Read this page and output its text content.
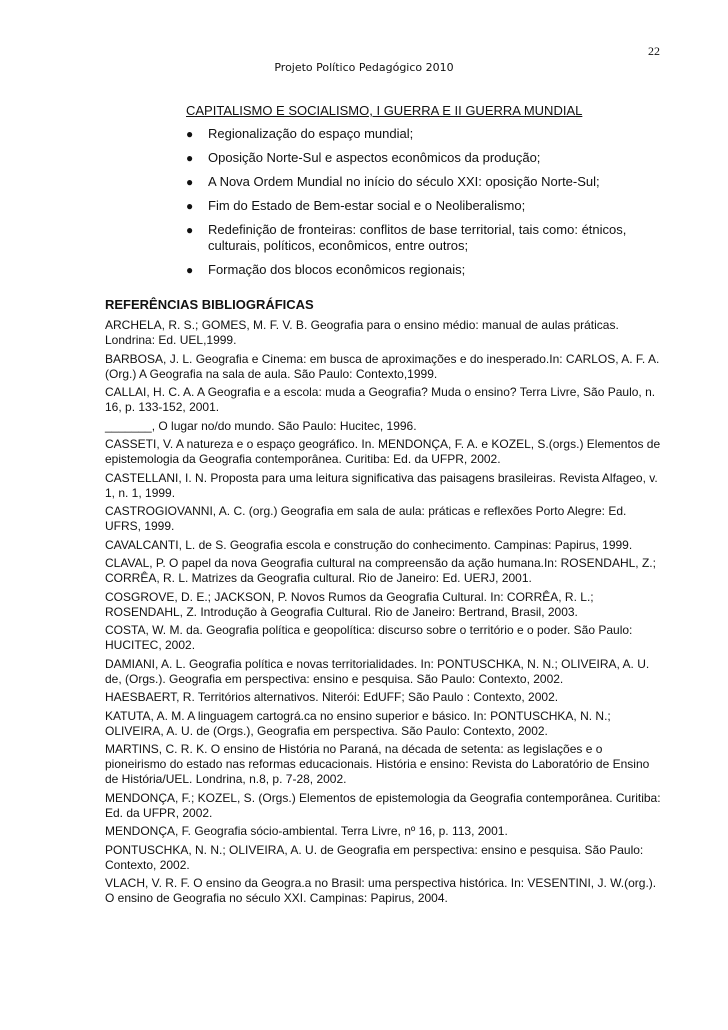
22
Projeto Político Pedagógico 2010
CAPITALISMO E SOCIALISMO, I GUERRA E II GUERRA MUNDIAL
● Regionalização do espaço mundial;
● Oposição Norte-Sul e aspectos econômicos da produção;
● A Nova Ordem Mundial no início do século XXI: oposição Norte-Sul;
● Fim do Estado de Bem-estar social e o Neoliberalismo;
● Redefinição de fronteiras: conflitos de base territorial, tais como: étnicos, culturais, políticos, econômicos, entre outros;
● Formação dos blocos econômicos regionais;
REFERÊNCIAS BIBLIOGRÁFICAS
ARCHELA, R. S.; GOMES, M. F. V. B. Geografia para o ensino médio: manual de aulas práticas. Londrina: Ed. UEL,1999.
BARBOSA, J. L. Geografia e Cinema: em busca de aproximações e do inesperado.In: CARLOS, A. F. A. (Org.) A Geografia na sala de aula. São Paulo: Contexto,1999.
CALLAI, H. C. A. A Geografia e a escola: muda a Geografia? Muda o ensino? Terra Livre, São Paulo, n. 16, p. 133-152, 2001.
_______, O lugar no/do mundo. São Paulo: Hucitec, 1996.
CASSETI, V. A natureza e o espaço geográfico. In. MENDONÇA, F. A. e KOZEL, S.(orgs.) Elementos de epistemologia da Geografia contemporânea. Curitiba: Ed. da UFPR, 2002.
CASTELLANI, I. N. Proposta para uma leitura significativa das paisagens brasileiras. Revista Alfageo, v. 1, n. 1, 1999.
CASTROGIOVANNI, A. C. (org.) Geografia em sala de aula: práticas e reflexões Porto Alegre: Ed. UFRS, 1999.
CAVALCANTI, L. de S. Geografia escola e construção do conhecimento. Campinas: Papirus, 1999.
CLAVAL, P. O papel da nova Geografia cultural na compreensão da ação humana.In: ROSENDAHL, Z.; CORRÊA, R. L. Matrizes da Geografia cultural. Rio de Janeiro: Ed. UERJ, 2001.
COSGROVE, D. E.; JACKSON, P. Novos Rumos da Geografia Cultural. In: CORRÊA, R. L.; ROSENDAHL, Z. Introdução à Geografia Cultural. Rio de Janeiro: Bertrand, Brasil, 2003.
COSTA, W. M. da. Geografia política e geopolítica: discurso sobre o território e o poder. São Paulo: HUCITEC, 2002.
DAMIANI, A. L. Geografia política e novas territorialidades. In: PONTUSCHKA, N. N.; OLIVEIRA, A. U. de, (Orgs.). Geografia em perspectiva: ensino e pesquisa. São Paulo: Contexto, 2002.
HAESBAERT, R. Territórios alternativos. Niterói: EdUFF; São Paulo : Contexto, 2002.
KATUTA, A. M. A linguagem cartográ.ca no ensino superior e básico. In: PONTUSCHKA, N. N.; OLIVEIRA, A. U. de (Orgs.), Geografia em perspectiva. São Paulo: Contexto, 2002.
MARTINS, C. R. K. O ensino de História no Paraná, na década de setenta: as legislações e o pioneirismo do estado nas reformas educacionais. História e ensino: Revista do Laboratório de Ensino de História/UEL. Londrina, n.8, p. 7-28, 2002.
MENDONÇA, F.; KOZEL, S. (Orgs.) Elementos de epistemologia da Geografia contemporânea. Curitiba: Ed. da UFPR, 2002.
MENDONÇA, F. Geografia sócio-ambiental. Terra Livre, nº 16, p. 113, 2001.
PONTUSCHKA, N. N.; OLIVEIRA, A. U. de Geografia em perspectiva: ensino e pesquisa. São Paulo: Contexto, 2002.
VLACH, V. R. F. O ensino da Geogra.a no Brasil: uma perspectiva histórica. In: VESENTINI, J. W.(org.). O ensino de Geografia no século XXI. Campinas: Papirus, 2004.
